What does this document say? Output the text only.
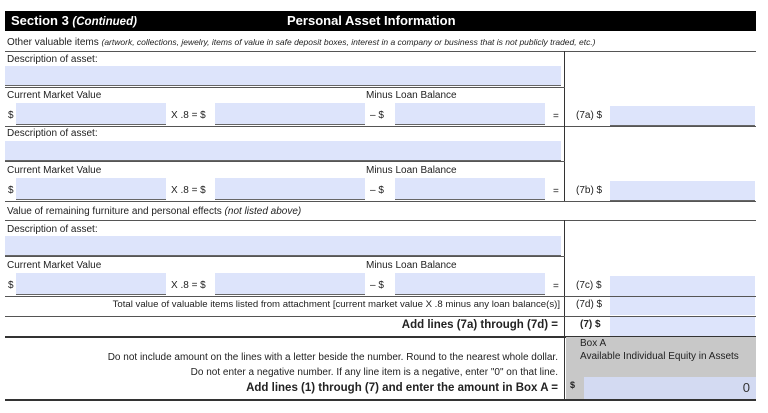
Section 3 (Continued)	Personal Asset Information
Other valuable items (artwork, collections, jewelry, items of value in safe deposit boxes, interest in a company or business that is not publicly traded, etc.)
Description of asset:
Current Market Value	Minus Loan Balance
$	X .8 = $	– $	= (7a) $
Description of asset:
Current Market Value	Minus Loan Balance
$	X .8 = $	– $	= (7b) $
Value of remaining furniture and personal effects (not listed above)
Description of asset:
Current Market Value	Minus Loan Balance
$	X .8 = $	– $	= (7c) $
Total value of valuable items listed from attachment [current market value X .8 minus any loan balance(s)] (7d) $
Add lines (7a) through (7d) = (7) $
Do not include amount on the lines with a letter beside the number. Round to the nearest whole dollar.
Do not enter a negative number. If any line item is a negative, enter "0" on that line.
Add lines (1) through (7) and enter the amount in Box A =
Box A
Available Individual Equity in Assets
$	0
